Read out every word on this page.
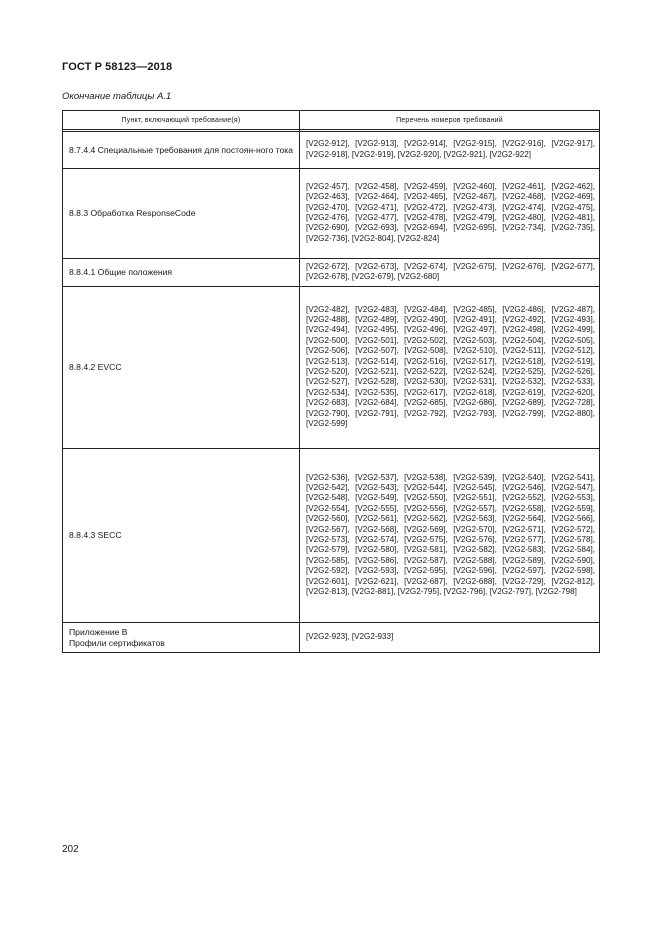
ГОСТ Р 58123—2018
Окончание таблицы А.1
Пункт, включающий требование(я)	Перечень номеров требований

8.7.4.4 Специальные требования для постоян-ного тока	[V2G2-912], [V2G2-913], [V2G2-914], [V2G2-915], [V2G2-916], [V2G2-917], [V2G2-918], [V2G2-919], [V2G2-920], [V2G2-921], [V2G2-922]
8.8.3 Обработка ResponseCode	[V2G2-457], [V2G2-458], [V2G2-459], [V2G2-460], [V2G2-461], [V2G2-462], [V2G2-463], [V2G2-464], [V2G2-465], [V2G2-467], [V2G2-468], [V2G2-469], [V2G2-470], [V2G2-471], [V2G2-472], [V2G2-473], [V2G2-474], [V2G2-475], [V2G2-476], [V2G2-477], [V2G2-478], [V2G2-479], [V2G2-480], [V2G2-481], [V2G2-690], [V2G2-693], [V2G2-694], [V2G2-695], [V2G2-734], [V2G2-735], [V2G2-736], [V2G2-804], [V2G2-824]
8.8.4.1 Общие положения	[V2G2-672], [V2G2-673], [V2G2-674], [V2G2-675], [V2G2-676], [V2G2-677], [V2G2-678], [V2G2-679], [V2G2-680]
8.8.4.2 EVCC	[V2G2-482], [V2G2-483], [V2G2-484], [V2G2-485], [V2G2-486], [V2G2-487], [V2G2-488], [V2G2-489], [V2G2-490], [V2G2-491], [V2G2-492], [V2G2-493], [V2G2-494], [V2G2-495], [V2G2-496], [V2G2-497], [V2G2-498], [V2G2-499], [V2G2-500], [V2G2-501], [V2G2-502], [V2G2-503], [V2G2-504], [V2G2-505], [V2G2-506], [V2G2-507], [V2G2-508], [V2G2-510], [V2G2-511], [V2G2-512], [V2G2-513], [V2G2-514], [V2G2-516], [V2G2-517], [V2G2-518], [V2G2-519], [V2G2-520], [V2G2-521], [V2G2-522], [V2G2-524], [V2G2-525], [V2G2-526], [V2G2-527], [V2G2-528], [V2G2-530], [V2G2-531], [V2G2-532], [V2G2-533], [V2G2-534], [V2G2-535], [V2G2-617], [V2G2-618], [V2G2-619], [V2G2-620], [V2G2-683], [V2G2-684], [V2G2-685], [V2G2-686], [V2G2-689], [V2G2-728], [V2G2-790], [V2G2-791], [V2G2-792], [V2G2-793], [V2G2-799], [V2G2-880], [V2G2-599]
8.8.4.3 SECC	[V2G2-536], [V2G2-537], [V2G2-538], [V2G2-539], [V2G2-540], [V2G2-541], [V2G2-542], [V2G2-543], [V2G2-544], [V2G2-545], [V2G2-546], [V2G2-547], [V2G2-548], [V2G2-549], [V2G2-550], [V2G2-551], [V2G2-552], [V2G2-553], [V2G2-554], [V2G2-555], [V2G2-556], [V2G2-557], [V2G2-558], [V2G2-559], [V2G2-560], [V2G2-561], [V2G2-562], [V2G2-563], [V2G2-564], [V2G2-566], [V2G2-567], [V2G2-568], [V2G2-569], [V2G2-570], [V2G2-571], [V2G2-572], [V2G2-573], [V2G2-574], [V2G2-575], [V2G2-576], [V2G2-577], [V2G2-578], [V2G2-579], [V2G2-580], [V2G2-581], [V2G2-582], [V2G2-583], [V2G2-584], [V2G2-585], [V2G2-586], [V2G2-587], [V2G2-588], [V2G2-589], [V2G2-590], [V2G2-592], [V2G2-593], [V2G2-595], [V2G2-596], [V2G2-597], [V2G2-598], [V2G2-601], [V2G2-621], [V2G2-687], [V2G2-688], [V2G2-729], [V2G2-812], [V2G2-813], [V2G2-881], [V2G2-795], [V2G2-796], [V2G2-797], [V2G2-798]

Приложение В
Профили сертификатов	[V2G2-923], [V2G2-933]
202
